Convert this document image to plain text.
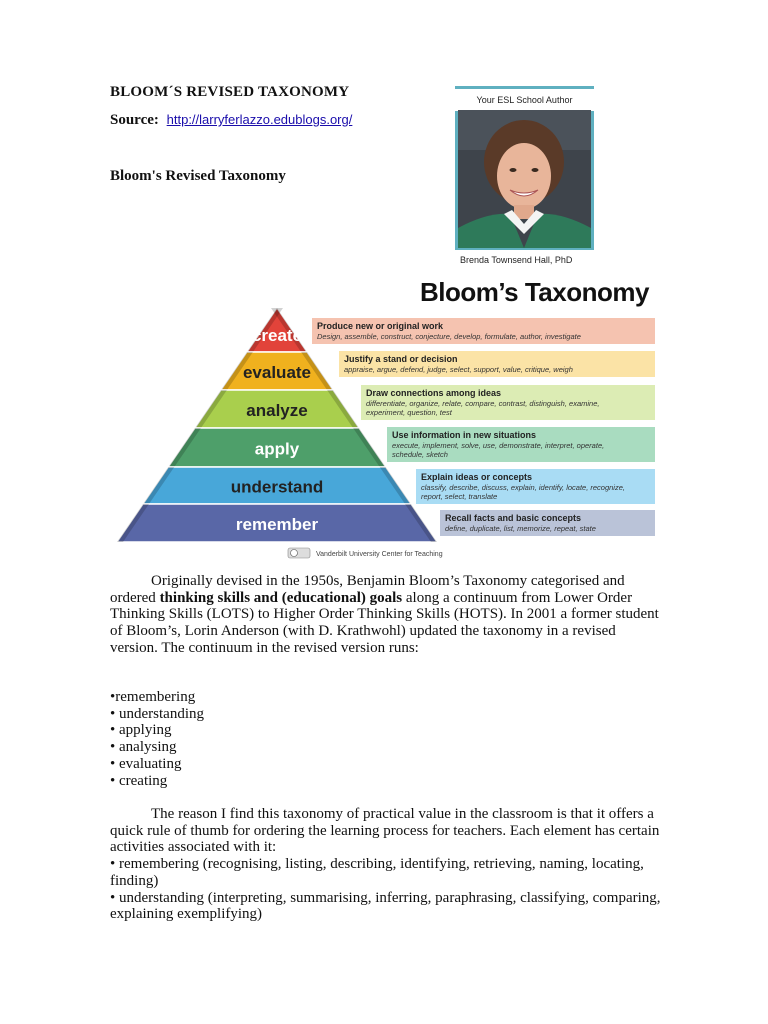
BLOOM´S REVISED TAXONOMY
Source: http://larryferlazzo.edublogs.org/
Bloom's Revised Taxonomy
Your ESL School Author
Brenda Townsend Hall, PhD
Bloom’s Taxonomy
Produce new or original work
Design, assemble, construct, conjecture, develop, formulate, author, investigate
create
Justify a stand or decision
appraise, argue, defend, judge, select, support, value, critique, weigh
evaluate
Draw connections among ideas
differentiate, organize, relate, compare, contrast, distinguish, examine,
experiment, question, test
analyze
Use information in new situations
execute, implement, solve, use, demonstrate, interpret, operate,
schedule, sketch
apply
Explain ideas or concepts
classify, describe, discuss, explain, identify, locate, recognize,
report, select, translate
understand
Recall facts and basic concepts
define, duplicate, list, memorize, repeat, state
remember
Vanderbilt University Center for Teaching
Originally devised in the 1950s, Benjamin Bloom’s Taxonomy categorised and ordered thinking skills and (educational) goals along a continuum from Lower Order Thinking Skills (LOTS) to Higher Order Thinking Skills (HOTS). In 2001 a former student of Bloom’s, Lorin Anderson (with D. Krathwohl) updated the taxonomy in a revised version. The continuum in the revised version runs:
•remembering
• understanding
• applying
• analysing
• evaluating
• creating
The reason I find this taxonomy of practical value in the classroom is that it offers a quick rule of thumb for ordering the learning process for teachers. Each element has certain activities associated with it:
• remembering (recognising, listing, describing, identifying, retrieving, naming, locating, finding)
• understanding (interpreting, summarising, inferring, paraphrasing, classifying, comparing, explaining exemplifying)
